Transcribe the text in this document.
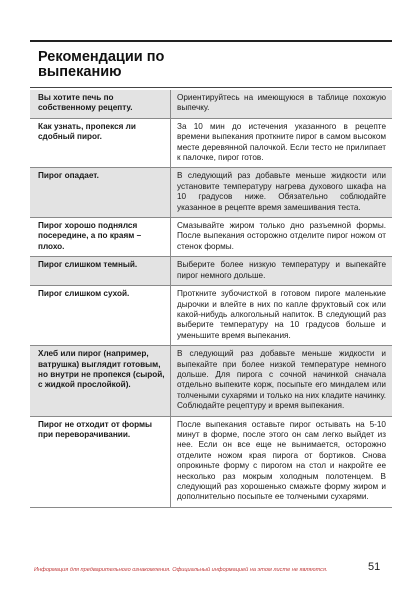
Рекомендации по выпеканию
Вы хотите печь по собственному рецепту.	Ориентируйтесь на имеющуюся в таблице похожую выпечку.
Как узнать, пропекся ли сдобный пирог.	За 10 мин до истечения указанного в рецепте времени выпекания проткните пирог в самом высоком месте деревянной палочкой. Если тесто не прилипает к палочке, пирог готов.
Пирог опадает.	В следующий раз добавьте меньше жидкости или установите температуру нагрева духового шкафа на 10 градусов ниже. Обязательно соблюдайте указанное в рецепте время замешивания теста.
Пирог хорошо поднялся посередине, а по краям – плохо.	Смазывайте жиром только дно разъемной формы. После выпекания осторожно отделите пирог ножом от стенок формы.
Пирог слишком темный.	Выберите более низкую температуру и выпекайте пирог немного дольше.
Пирог слишком сухой.	Проткните зубочисткой в готовом пироге маленькие дырочки и влейте в них по капле фруктовый сок или какой-нибудь алкогольный напиток. В следующий раз выберите температуру на 10 градусов больше и уменьшите время выпекания.
Хлеб или пирог (например, ватрушка) выглядит готовым, но внутри не пропекся (сырой, с жидкой прослойкой).	В следующий раз добавьте меньше жидкости и выпекайте при более низкой температуре немного дольше. Для пирога с сочной начинкой сначала отдельно выпеките корж, посыпьте его миндалем или толчеными сухарями и только на них кладите начинку. Соблюдайте рецептуру и время выпекания.
Пирог не отходит от формы при переворачивании.	После выпекания оставьте пирог остывать на 5-10 минут в форме, после этого он сам легко выйдет из нее. Если он все еще не вынимается, осторожно отделите ножом края пирога от бортиков. Снова опрокиньте форму с пирогом на стол и накройте ее несколько раз мокрым холодным полотенцем. В следующий раз хорошенько смажьте форму жиром и дополнительно посыпьте ее толчеными сухарями.
Информация для предварительного ознакомления. Официальный информацией на этом листе не являются.	51
